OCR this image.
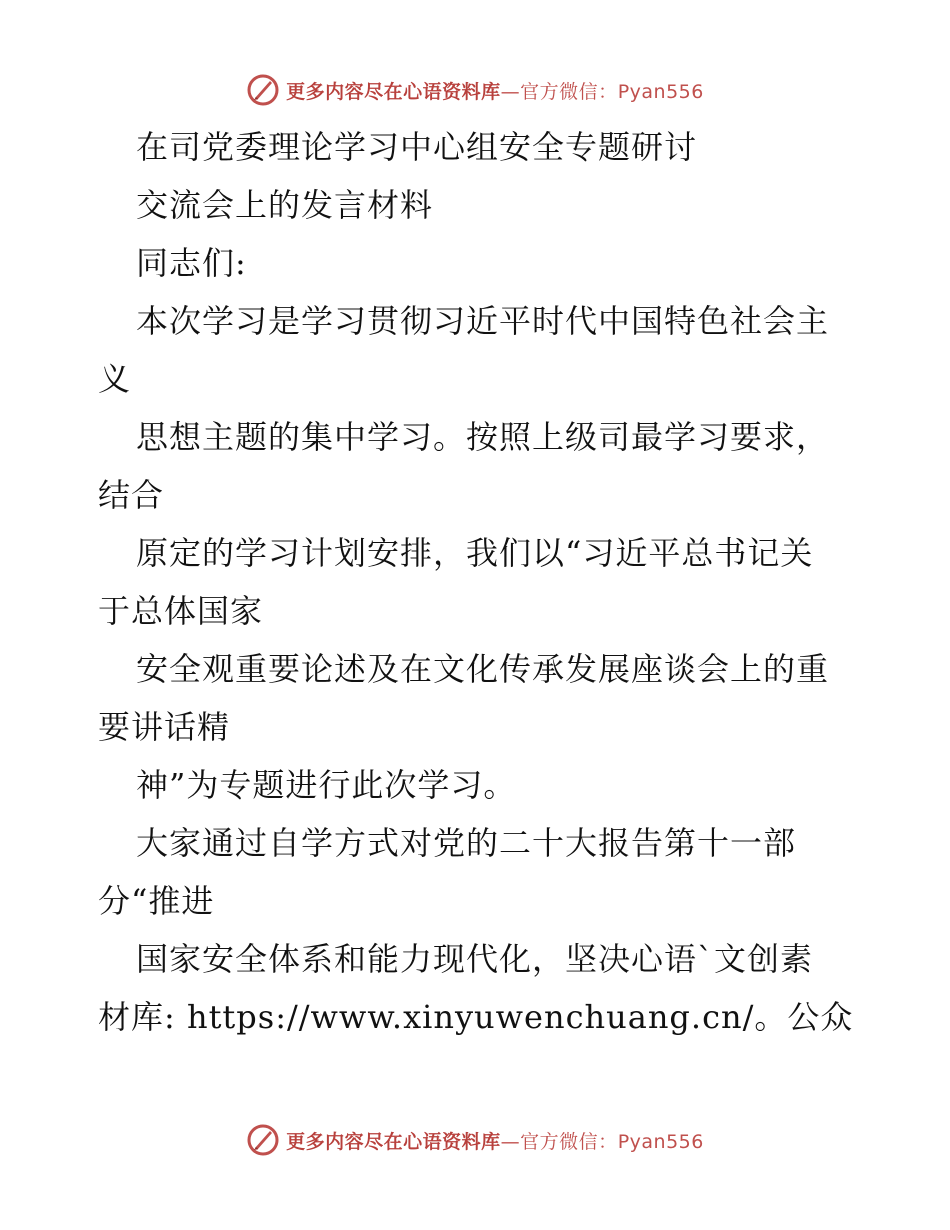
更多内容尽在心语资料库—官方微信：Pyan556
在司党委理论学习中心组安全专题研讨
交流会上的发言材料
同志们:
本次学习是学习贯彻习近平时代中国特色社会主
义
思想主题的集中学习。按照上级司最学习要求，
结合
原定的学习计划安排，我们以“习近平总书记关
于总体国家
安全观重要论述及在文化传承发展座谈会上的重
要讲话精
神”为专题进行此次学习。
大家通过自学方式对党的二十大报告第十一部
分“推进
国家安全体系和能力现代化，坚决心语`文创素
材库: https://www.xinyuwenchuang.cn/。公众
更多内容尽在心语资料库—官方微信：Pyan556
